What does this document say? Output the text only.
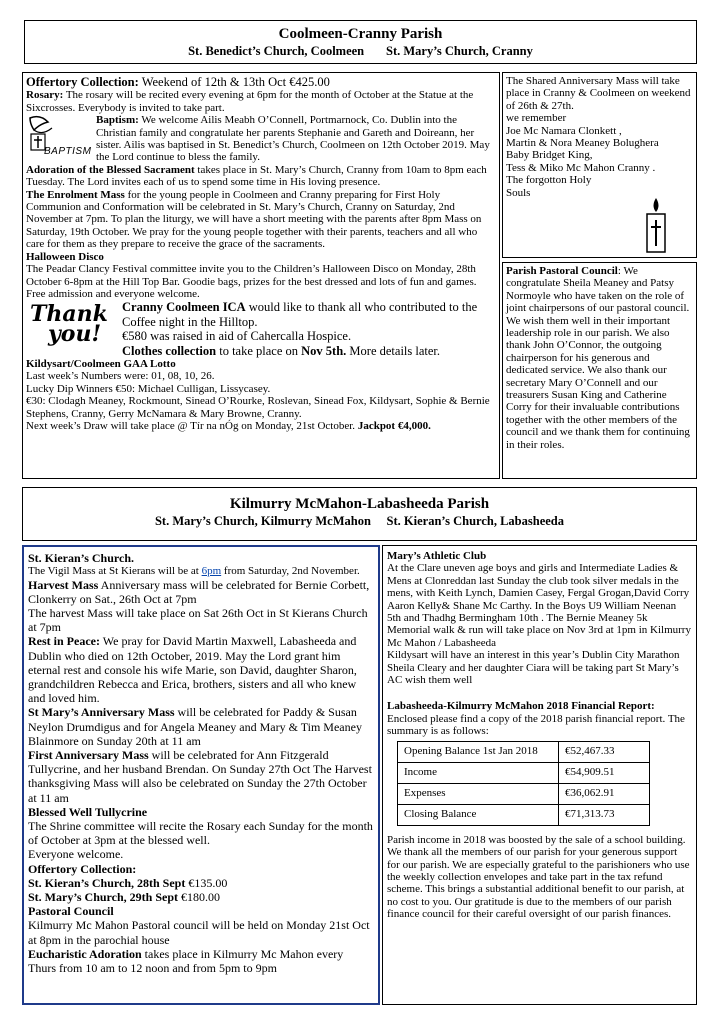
Coolmeen-Cranny Parish
St. Benedict’s Church, Coolmeen       St. Mary’s Church, Cranny

Offertory Collection: Weekend of 12th & 13th Oct €425.00

Rosary: The rosary will be recited every evening at 6pm for the month of October at the Statue at the Sixcrosses. Everybody is invited to take part.

BAPTISM

Baptism: We welcome Ailis Meabh O’Connell, Portmarnock, Co. Dublin into the Christian family and congratulate her parents Stephanie and Gareth and Doireann, her sister. Ailis was baptised in St. Benedict’s Church, Coolmeen on 12th October 2019. May the Lord continue to bless the family.
Adoration of the Blessed Sacrament takes place in St. Mary’s Church, Cranny from 10am to 8pm each Tuesday. The Lord invites each of us to spend some time in His loving presence.

The Enrolment Mass for the young people in Coolmeen and Cranny preparing for First Holy Communion and Conformation will be celebrated in St. Mary’s Church, Cranny on Saturday, 2nd November at 7pm. To plan the liturgy, we will have a short meeting with the parents after 8pm Mass on Saturday, 19th October. We pray for the young people together with their parents, teachers and all who care for them as they prepare to receive the grace of the sacraments.

Halloween Disco

The Peadar Clancy Festival committee invite you to the Children’s Halloween Disco on Monday, 28th October 6-8pm at the Hill Top Bar. Goodie bags, prizes for the best dressed and lots of fun and games. Free admission and everyone welcome.

Thank
you!

Cranny Coolmeen ICA would like to thank all who contributed to the Coffee night in the Hilltop.
€580 was raised in aid of Cahercalla Hospice.
Clothes collection to take place on Nov 5th. More details later.

Kildysart/Coolmeen GAA Lotto

Last week’s Numbers were: 01, 08, 10, 26.

Lucky Dip Winners €50: Michael Culligan, Lissycasey.

€30: Clodagh Meaney, Rockmount, Sinead O’Rourke, Roslevan, Sinead Fox, Kildysart, Sophie & Bernie Stephens, Cranny, Gerry McNamara & Mary Browne, Cranny.

Next week’s Draw will take place @ Tír na nÓg on Monday, 21st October. Jackpot €4,000.

The Shared Anniversary Mass will take place in Cranny & Coolmeen on weekend of 26th & 27th.
we remember
Joe Mc Namara Clonkett ,
Martin & Nora Meaney Bolughera
Baby Bridget King,
Tess & Miko Mc Mahon Cranny .
The forgotton Holy
Souls

Parish Pastoral Council: We congratulate Sheila Meaney and Patsy Normoyle who have taken on the role of joint chairpersons of our pastoral council. We wish them well in their important leadership role in our parish. We also thank John O’Connor, the outgoing chairperson for his generous and dedicated service. We also thank our secretary Mary O’Connell and our treasurers Susan King and Catherine Corry for their invaluable contributions together with the other members of the council and we thank them for continuing in their roles.

Kilmurry McMahon-Labasheeda Parish
St. Mary’s Church, Kilmurry McMahon     St. Kieran’s Church, Labasheeda

St. Kieran’s Church.

The Vigil Mass at St Kierans will be at 6pm from Saturday, 2nd November.

Harvest Mass Anniversary mass will be celebrated for Bernie Corbett, Clonkerry on Sat., 26th Oct at 7pm

The harvest Mass will take place on Sat 26th Oct in St Kierans Church at 7pm

Rest in Peace: We pray for David Martin Maxwell, Labasheeda and Dublin who died on 12th October, 2019. May the Lord grant him eternal rest and console his wife Marie, son David, daughter Sharon, grandchildren Rebecca and Erica, brothers, sisters and all who knew and loved him.

St Mary’s Anniversary Mass will be celebrated for Paddy & Susan Neylon Drumdigus and for Angela Meaney and Mary & Tim Meaney Blainmore on Sunday 20th at 11 am

First Anniversary Mass will be celebrated for Ann Fitzgerald Tullycrine, and her husband Brendan. On Sunday 27th Oct The Harvest thanksgiving Mass will also be celebrated on Sunday the 27th October at 11 am

Blessed Well Tullycrine

The Shrine committee will recite the Rosary each Sunday for the month of October at 3pm at the blessed well.

Everyone welcome.

Offertory Collection:

St. Kieran’s Church, 28th Sept €135.00

St. Mary’s Church, 29th Sept €180.00

Pastoral Council

Kilmurry Mc Mahon Pastoral council will be held on Monday 21st Oct at 8pm in the parochial house

Eucharistic Adoration takes place in Kilmurry Mc Mahon every Thurs from 10 am to 12 noon and from 5pm to 9pm

Mary’s Athletic Club

At the Clare uneven age boys and girls and Intermediate Ladies & Mens at Clonreddan last Sunday the club took silver medals in the mens, with Keith Lynch, Damien Casey, Fergal Grogan,David Corry Aaron Kelly& Shane Mc Carthy. In the Boys U9 William Neenan 5th and Thadhg Bermingham 10th . The Bernie Meaney 5k Memorial walk & run will take place on Nov 3rd at 1pm in Kilmurry Mc Mahon / Labasheeda

Kildysart will have an interest in this year’s Dublin City Marathon Sheila Cleary and her daughter Ciara will be taking part St Mary’s AC wish them well

Labasheeda-Kilmurry McMahon 2018 Financial Report: Enclosed please find a copy of the 2018 parish financial report. The summary is as follows:

Opening Balance 1st Jan 2018	€52,467.33
Income	€54,909.51
Expenses	€36,062.91
Closing Balance	€71,313.73

Parish income in 2018 was boosted by the sale of a school building. We thank all the members of our parish for your generous support for our parish. We are especially grateful to the parishioners who use the weekly collection envelopes and take part in the tax refund scheme. This brings a substantial additional benefit to our parish, at no cost to you. Our gratitude is due to the members of our parish finance council for their careful oversight of our parish finances.
